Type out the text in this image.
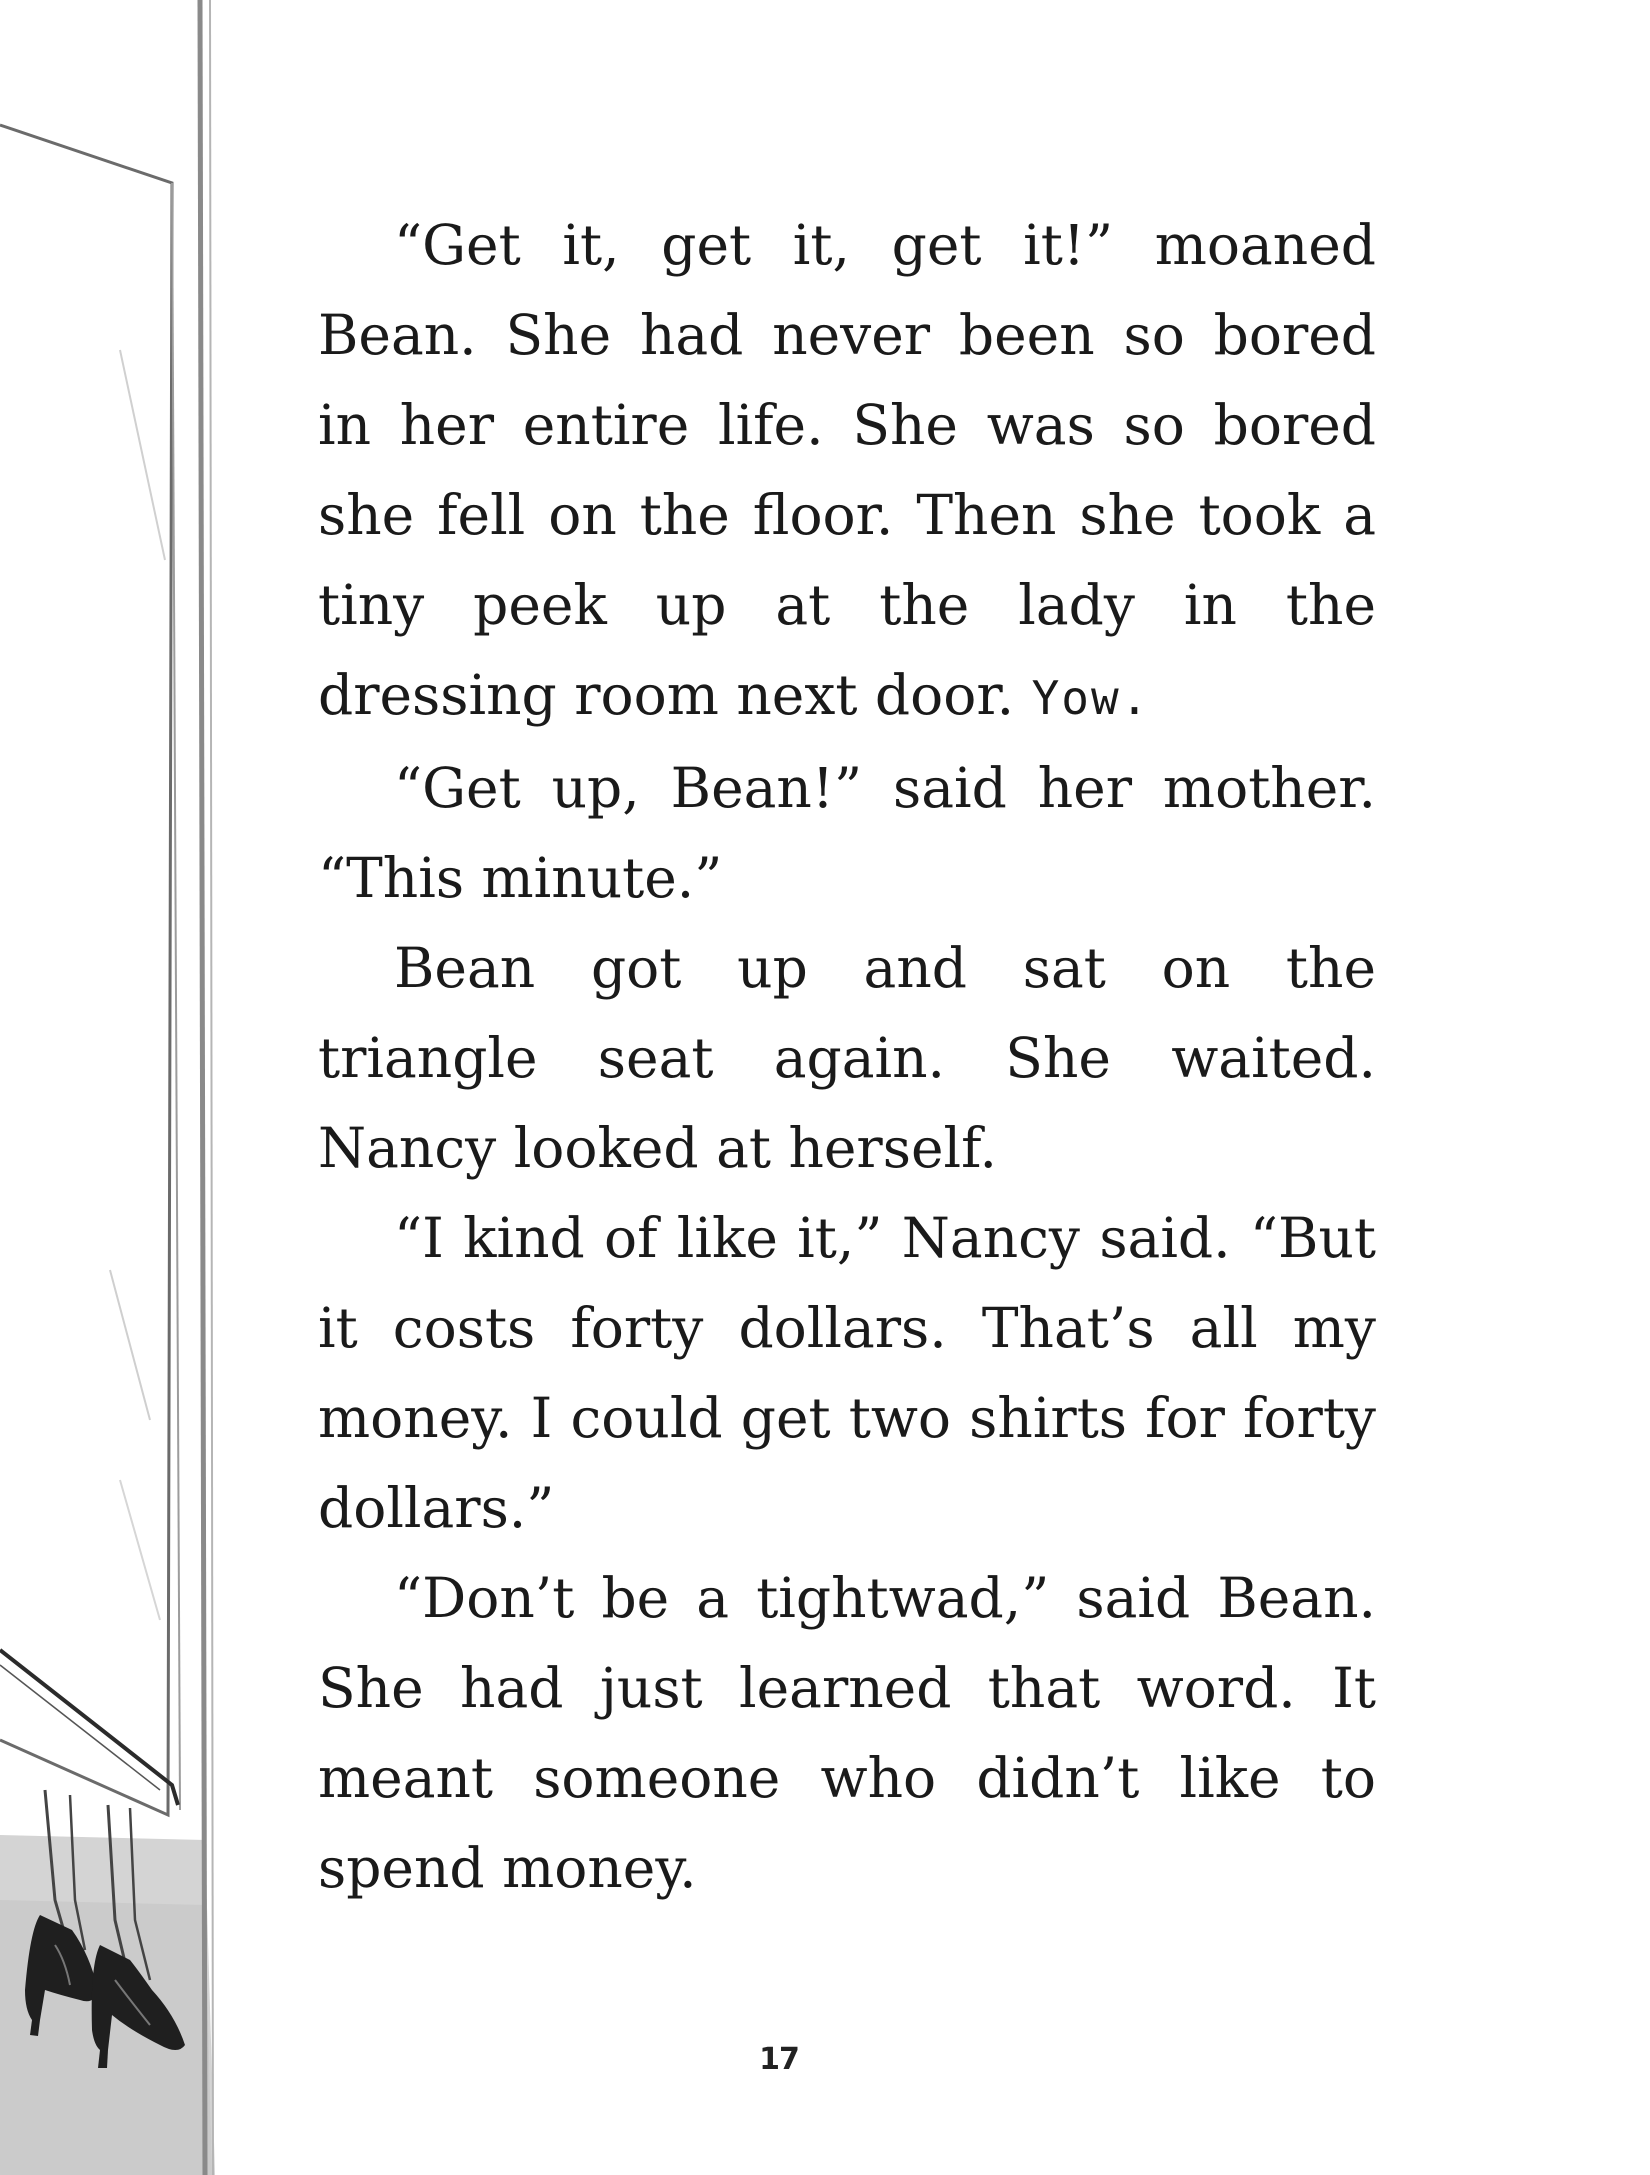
“Get it, get it, get it!” moaned Bean. She had never been so bored in her entire life. She was so bored she fell on the floor. Then she took a tiny peek up at the lady in the dressing room next door. Yow.

“Get up, Bean!” said her mother. “This minute.”

Bean got up and sat on the triangle seat again. She waited. Nancy looked at herself.

“I kind of like it,” Nancy said. “But it costs forty dollars. That’s all my money. I could get two shirts for forty dollars.”

“Don’t be a tightwad,” said Bean. She had just learned that word. It meant someone who didn’t like to spend money.

17
